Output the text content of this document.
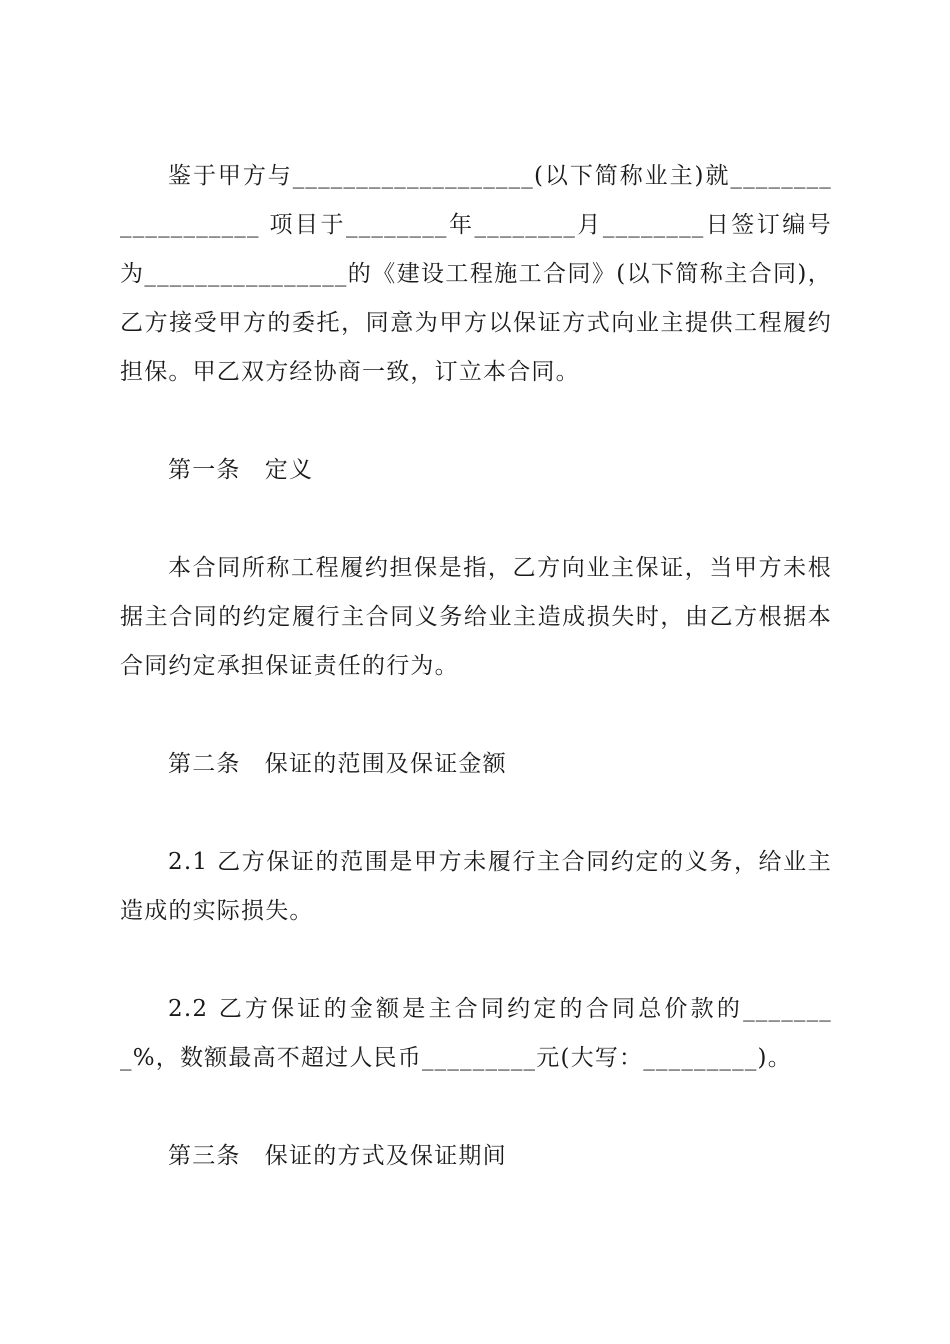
鉴于甲方与___________________(以下简称业主)就___________________ 项目于________年________月________日签订编号为________________的《建设工程施工合同》(以下简称主合同)，乙方接受甲方的委托，同意为甲方以保证方式向业主提供工程履约担保。甲乙双方经协商一致，订立本合同。

第一条　定义

本合同所称工程履约担保是指，乙方向业主保证，当甲方未根据主合同的约定履行主合同义务给业主造成损失时，由乙方根据本合同约定承担保证责任的行为。

第二条　保证的范围及保证金额

2.1 乙方保证的范围是甲方未履行主合同约定的义务，给业主造成的实际损失。

2.2 乙方保证的金额是主合同约定的合同总价款的________%，数额最高不超过人民币_________元(大写：_________)。

第三条　保证的方式及保证期间
